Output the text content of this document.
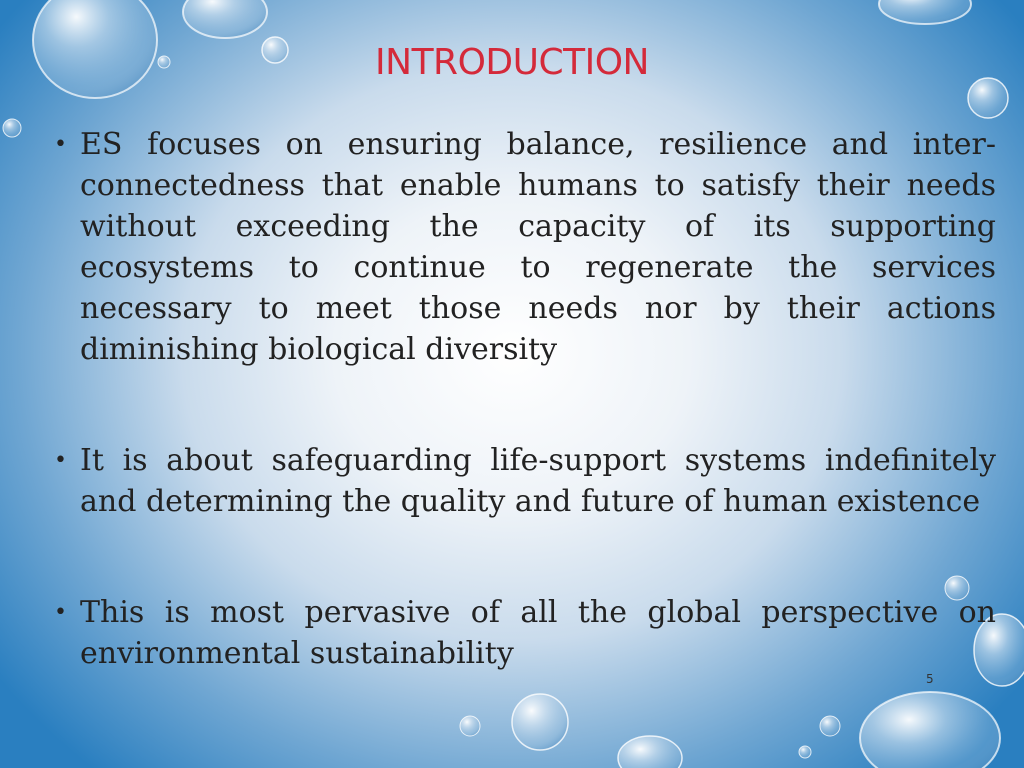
INTRODUCTION
• ES focuses on ensuring balance, resilience and inter-connectedness that enable humans to satisfy their needs without exceeding the capacity of its supporting ecosystems to continue to regenerate the services necessary to meet those needs nor by their actions diminishing biological diversity
• It is about safeguarding life-support systems indefinitely and determining the quality and future of human existence
• This is most pervasive of all the global perspective on environmental sustainability
5
